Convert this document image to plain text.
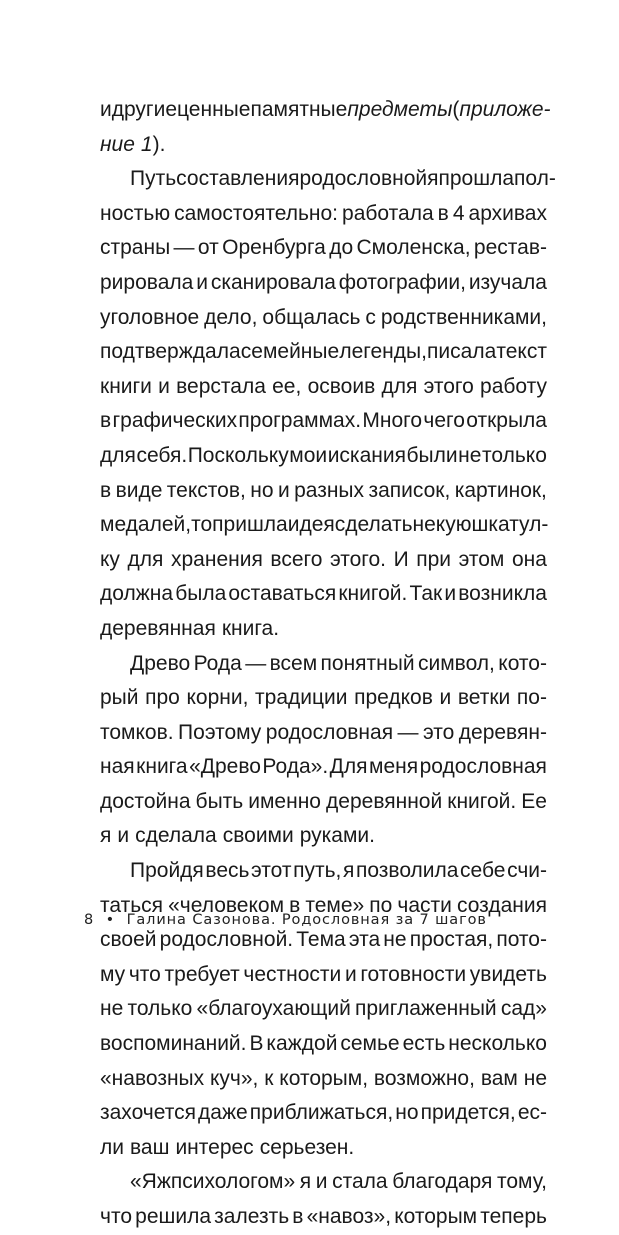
и другие ценные памятные предметы (приложе-
ние 1).
Путь составления родословной я прошла пол-
ностью самостоятельно: работала в 4 архивах
страны — от Оренбурга до Смоленска, рестав-
рировала и сканировала фотографии, изучала
уголовное дело, общалась с родственниками,
подтверждала семейные легенды, писала текст
книги и верстала ее, освоив для этого работу
в графических программах. Много чего открыла
для себя. Поскольку мои искания были не только
в виде текстов, но и разных записок, картинок,
медалей, то пришла идея сделать некую шкатул-
ку для хранения всего этого. И при этом она
должна была оставаться книгой. Так и возникла
деревянная книга.
Древо Рода — всем понятный символ, кото-
рый про корни, традиции предков и ветки по-
томков. Поэтому родословная — это деревян-
ная книга «Древо Рода». Для меня родословная
достойна быть именно деревянной книгой. Ее
я и сделала своими руками.
Пройдя весь этот путь, я позволила себе счи-
таться «человеком в теме» по части создания
своей родословной. Тема эта не простая, пото-
му что требует честности и готовности увидеть
не только «благоухающий приглаженный сад»
воспоминаний. В каждой семье есть несколько
«навозных куч», к которым, возможно, вам не
захочется даже приближаться, но придется, ес-
ли ваш интерес серьезен.
«Яжпсихологом» я и стала благодаря тому,
что решила залезть в «навоз», которым теперь
8 • Галина Сазонова. Родословная за 7 шагов
